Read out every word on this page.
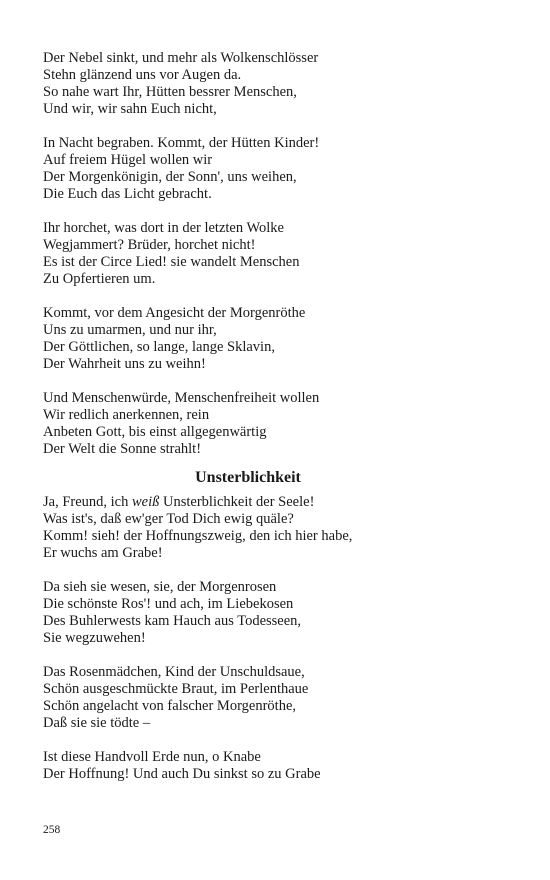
Der Nebel sinkt, und mehr als Wolkenschlösser
Stehn glänzend uns vor Augen da.
So nahe wart Ihr, Hütten bessrer Menschen,
Und wir, wir sahn Euch nicht,
In Nacht begraben. Kommt, der Hütten Kinder!
Auf freiem Hügel wollen wir
Der Morgenkönigin, der Sonn', uns weihen,
Die Euch das Licht gebracht.
Ihr horchet, was dort in der letzten Wolke
Wegjammert? Brüder, horchet nicht!
Es ist der Circe Lied! sie wandelt Menschen
Zu Opfertieren um.
Kommt, vor dem Angesicht der Morgenröthe
Uns zu umarmen, und nur ihr,
Der Göttlichen, so lange, lange Sklavin,
Der Wahrheit uns zu weihn!
Und Menschenwürde, Menschenfreiheit wollen
Wir redlich anerkennen, rein
Anbeten Gott, bis einst allgegenwärtig
Der Welt die Sonne strahlt!
Unsterblichkeit
Ja, Freund, ich weiß Unsterblichkeit der Seele!
Was ist's, daß ew'ger Tod Dich ewig quäle?
Komm! sieh! der Hoffnungszweig, den ich hier habe,
Er wuchs am Grabe!
Da sieh sie wesen, sie, der Morgenrosen
Die schönste Ros'! und ach, im Liebekosen
Des Buhlerwests kam Hauch aus Todesseen,
Sie wegzuwehen!
Das Rosenmädchen, Kind der Unschuldsaue,
Schön ausgeschmückte Braut, im Perlenthaue
Schön angelacht von falscher Morgenröthe,
Daß sie sie tödte –
Ist diese Handvoll Erde nun, o Knabe
Der Hoffnung! Und auch Du sinkst so zu Grabe
258
